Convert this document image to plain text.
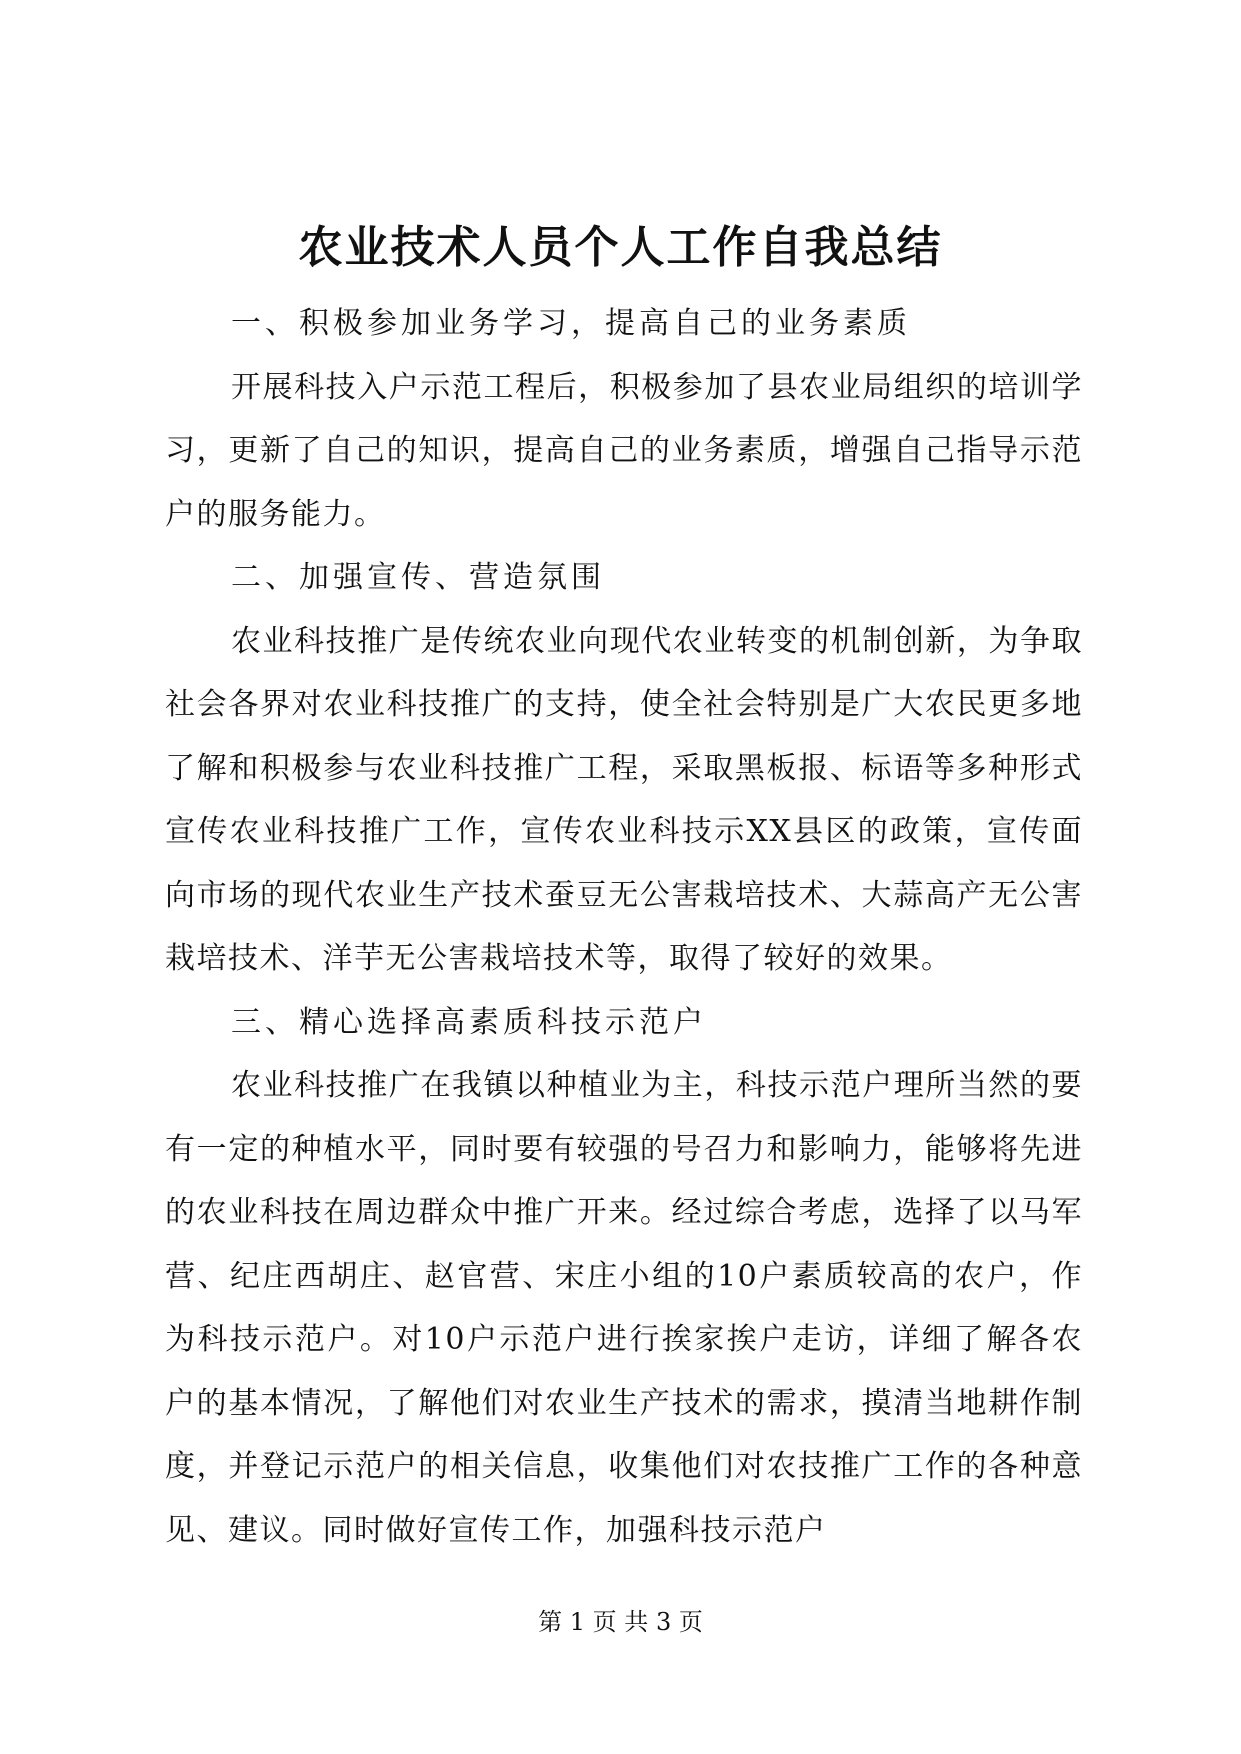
农业技术人员个人工作自我总结

一、积极参加业务学习，提高自己的业务素质

开展科技入户示范工程后，积极参加了县农业局组织的培训学习，更新了自己的知识，提高自己的业务素质，增强自己指导示范户的服务能力。

二、加强宣传、营造氛围

农业科技推广是传统农业向现代农业转变的机制创新，为争取社会各界对农业科技推广的支持，使全社会特别是广大农民更多地了解和积极参与农业科技推广工程，采取黑板报、标语等多种形式宣传农业科技推广工作，宣传农业科技示XX县区的政策，宣传面向市场的现代农业生产技术蚕豆无公害栽培技术、大蒜高产无公害栽培技术、洋芋无公害栽培技术等，取得了较好的效果。

三、精心选择高素质科技示范户

农业科技推广在我镇以种植业为主，科技示范户理所当然的要有一定的种植水平，同时要有较强的号召力和影响力，能够将先进的农业科技在周边群众中推广开来。经过综合考虑，选择了以马军营、纪庄西胡庄、赵官营、宋庄小组的10户素质较高的农户，作为科技示范户。对10户示范户进行挨家挨户走访，详细了解各农户的基本情况，了解他们对农业生产技术的需求，摸清当地耕作制度，并登记示范户的相关信息，收集他们对农技推广工作的各种意见、建议。同时做好宣传工作，加强科技示范户

第 1 页 共 3 页
